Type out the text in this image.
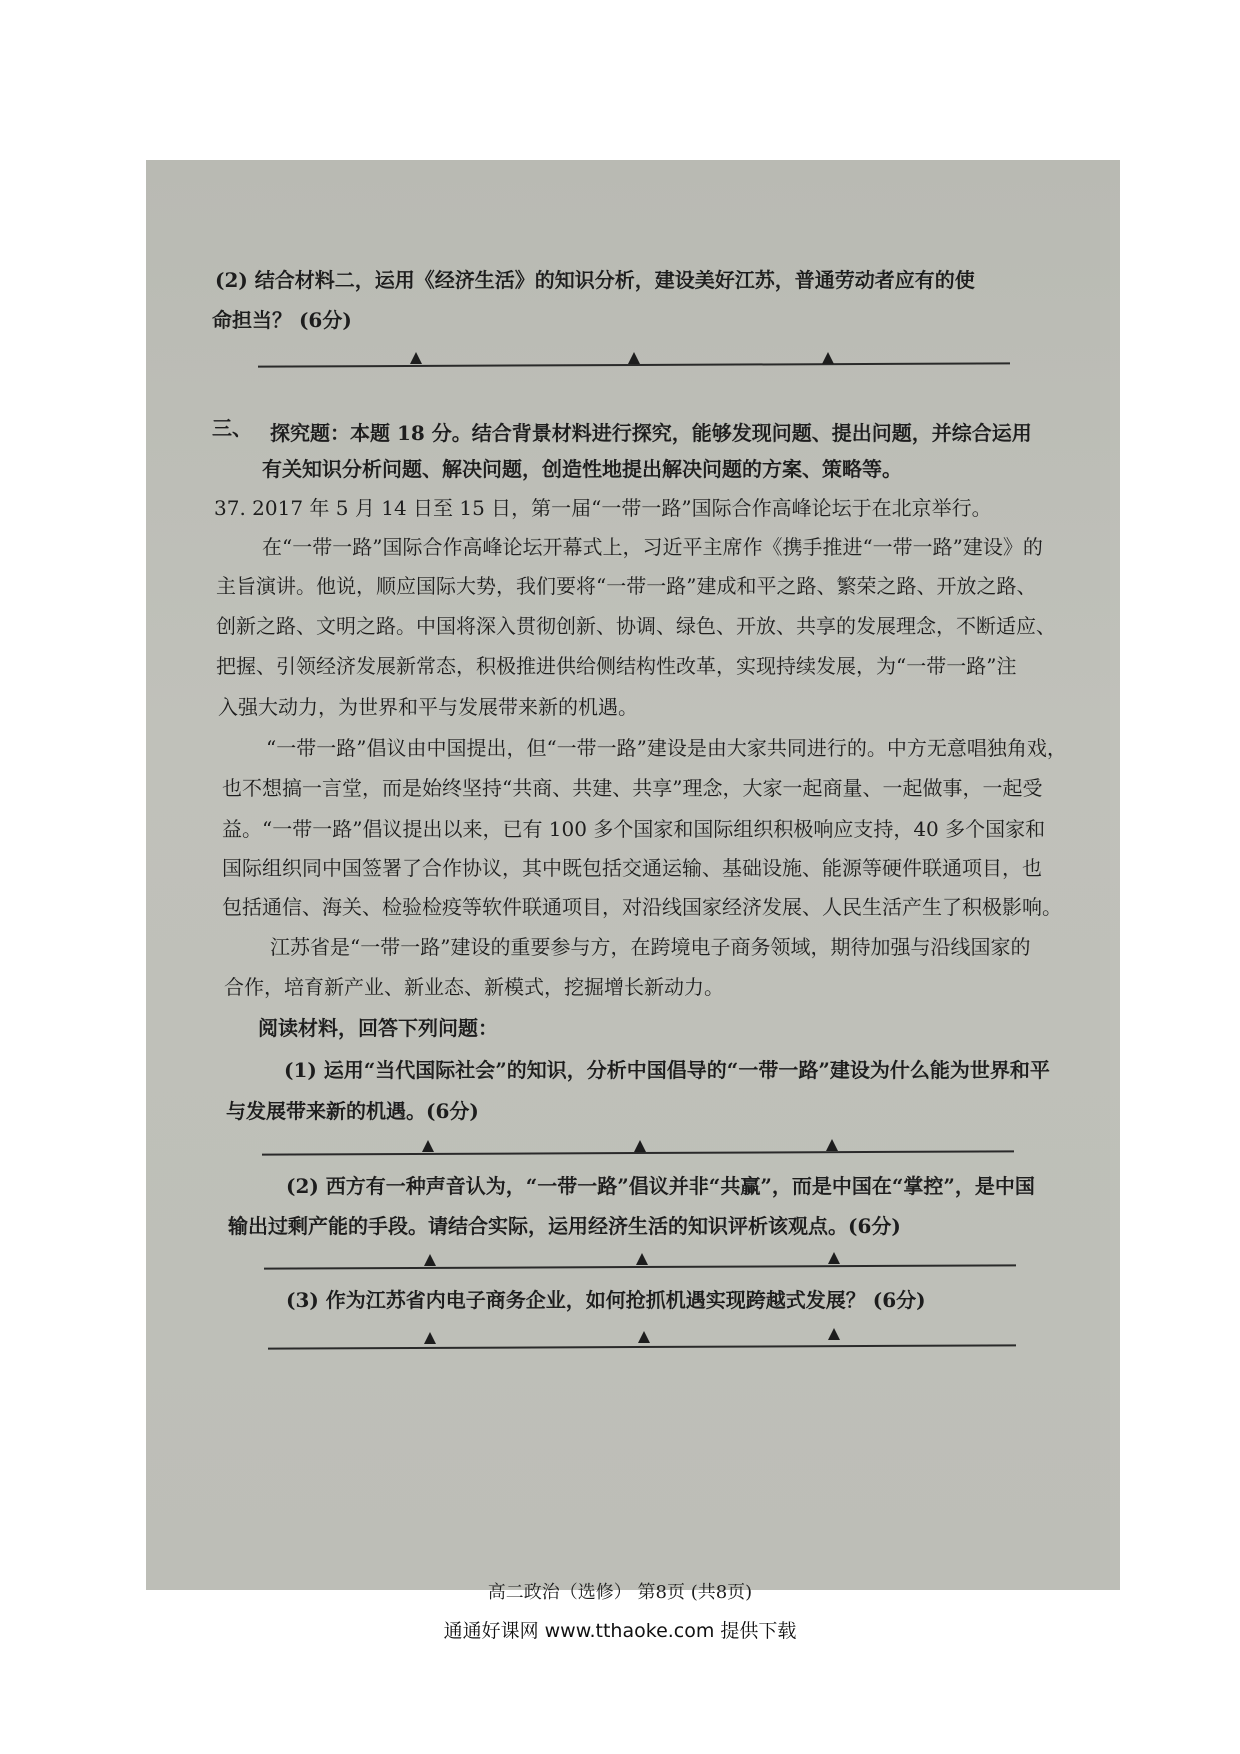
(2) 结合材料二，运用《经济生活》的知识分析，建设美好江苏，普通劳动者应有的使
命担当？ (6分)
三、 探究题：本题 18 分。结合背景材料进行探究，能够发现问题、提出问题，并综合运用
有关知识分析问题、解决问题，创造性地提出解决问题的方案、策略等。
37. 2017 年 5 月 14 日至 15 日，第一届“一带一路”国际合作高峰论坛于在北京举行。
在“一带一路”国际合作高峰论坛开幕式上，习近平主席作《携手推进“一带一路”建设》的
主旨演讲。他说，顺应国际大势，我们要将“一带一路”建成和平之路、繁荣之路、开放之路、
创新之路、文明之路。中国将深入贯彻创新、协调、绿色、开放、共享的发展理念，不断适应、
把握、引领经济发展新常态，积极推进供给侧结构性改革，实现持续发展，为“一带一路”注
入强大动力，为世界和平与发展带来新的机遇。
“一带一路”倡议由中国提出，但“一带一路”建设是由大家共同进行的。中方无意唱独角戏，
也不想搞一言堂，而是始终坚持“共商、共建、共享”理念，大家一起商量、一起做事，一起受
益。“一带一路”倡议提出以来，已有 100 多个国家和国际组织积极响应支持，40 多个国家和
国际组织同中国签署了合作协议，其中既包括交通运输、基础设施、能源等硬件联通项目，也
包括通信、海关、检验检疫等软件联通项目，对沿线国家经济发展、人民生活产生了积极影响。
江苏省是“一带一路”建设的重要参与方，在跨境电子商务领域，期待加强与沿线国家的
合作，培育新产业、新业态、新模式，挖掘增长新动力。
阅读材料，回答下列问题：
(1) 运用“当代国际社会”的知识，分析中国倡导的“一带一路”建设为什么能为世界和平
与发展带来新的机遇。(6分)
(2) 西方有一种声音认为，“一带一路”倡议并非“共赢”，而是中国在“掌控”，是中国
输出过剩产能的手段。请结合实际，运用经济生活的知识评析该观点。(6分)
(3) 作为江苏省内电子商务企业，如何抢抓机遇实现跨越式发展？ (6分)
高二政治（选修） 第8页 (共8页)
通通好课网 www.tthaoke.com 提供下载
